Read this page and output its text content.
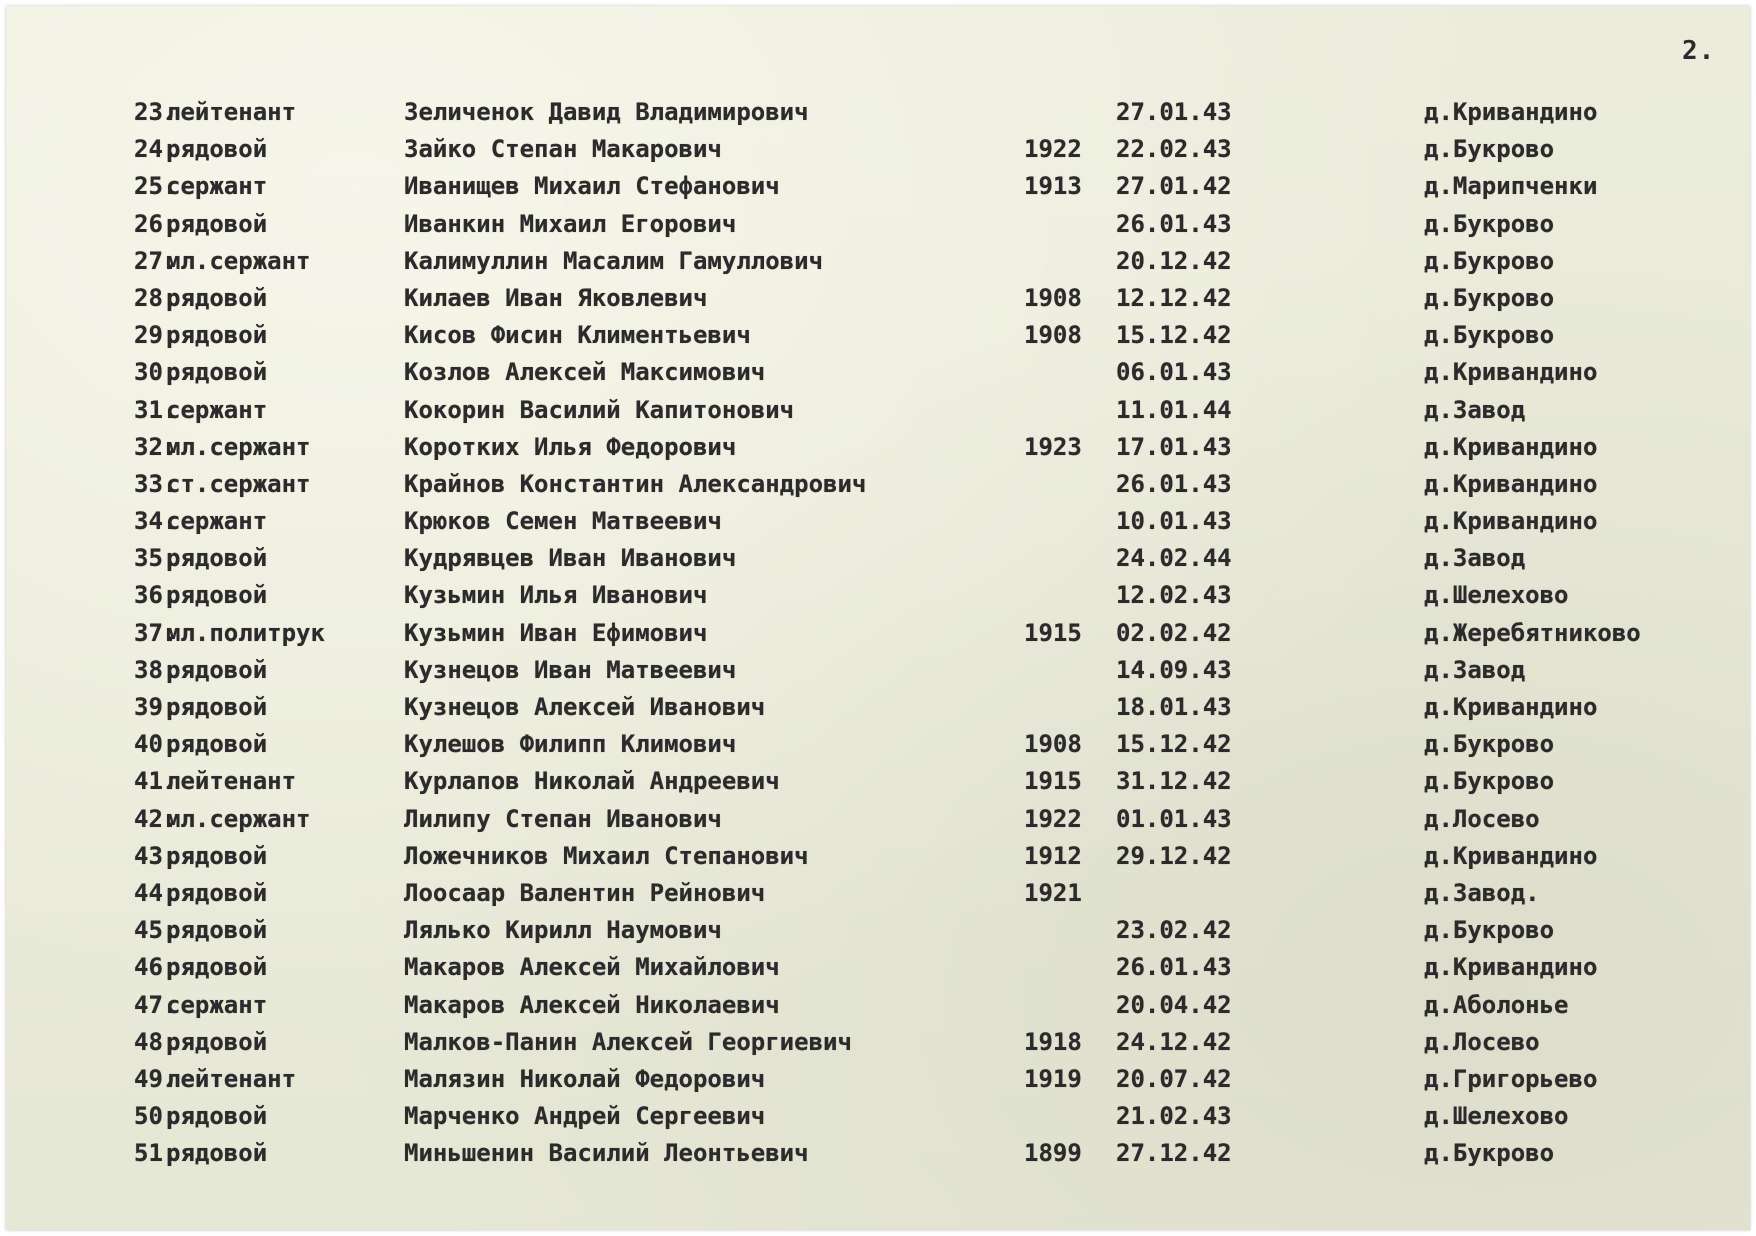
2.
23.
лейтенант	Зеличенок Давид Владимирович	27.01.43	д.Кривандино
24.
рядовой	Зайко Степан Макарович	1922 22.02.43	д.Букрово
25.
сержант	Иванищев Михаил Стефанович	1913 27.01.42	д.Марипченки
26.
рядовой	Иванкин Михаил Егорович	26.01.43	д.Букрово
27.
мл.сержант	Калимуллин Масалим Гамуллович	20.12.42	д.Букрово
28.
рядовой	Килаев Иван Яковлевич	1908 12.12.42	д.Букрово
29.
рядовой	Кисов Фисин Климентьевич	1908 15.12.42	д.Букрово
30.
рядовой	Козлов Алексей Максимович	06.01.43	д.Кривандино
31.
сержант	Кокорин Василий Капитонович	11.01.44	д.Завод
32.
мл.сержант	Коротких Илья Федорович	1923 17.01.43	д.Кривандино
33.
ст.сержант	Крайнов Константин Александрович	26.01.43	д.Кривандино
34.
сержант	Крюков Семен Матвеевич	10.01.43	д.Кривандино
35.
рядовой	Кудрявцев Иван Иванович	24.02.44	д.Завод
36.
рядовой	Кузьмин Илья Иванович	12.02.43	д.Шелехово
37.
мл.политрук	Кузьмин Иван Ефимович	1915 02.02.42	д.Жеребятниково
38.
рядовой	Кузнецов Иван Матвеевич	14.09.43	д.Завод
39.
рядовой	Кузнецов Алексей Иванович	18.01.43	д.Кривандино
40.
рядовой	Кулешов Филипп Климович	1908 15.12.42	д.Букрово
41.
лейтенант	Курлапов Николай Андреевич	1915 31.12.42	д.Букрово
42.
мл.сержант	Лилипу Степан Иванович	1922 01.01.43	д.Лосево
43.
рядовой	Ложечников Михаил Степанович	1912 29.12.42	д.Кривандино
44.
рядовой	Лоосаар Валентин Рейнович	1921	д.Завод.
45.
рядовой	Лялько Кирилл Наумович	23.02.42	д.Букрово
46.
рядовой	Макаров Алексей Михайлович	26.01.43	д.Кривандино
47.
сержант	Макаров Алексей Николаевич	20.04.42	д.Аболонье
48.
рядовой	Малков-Панин Алексей Георгиевич	1918 24.12.42	д.Лосево
49.
лейтенант	Малязин Николай Федорович	1919 20.07.42	д.Григорьево
50.
рядовой	Марченко Андрей Сергеевич	21.02.43	д.Шелехово
51.
рядовой	Миньшенин Василий Леонтьевич	1899 27.12.42	д.Букрово
